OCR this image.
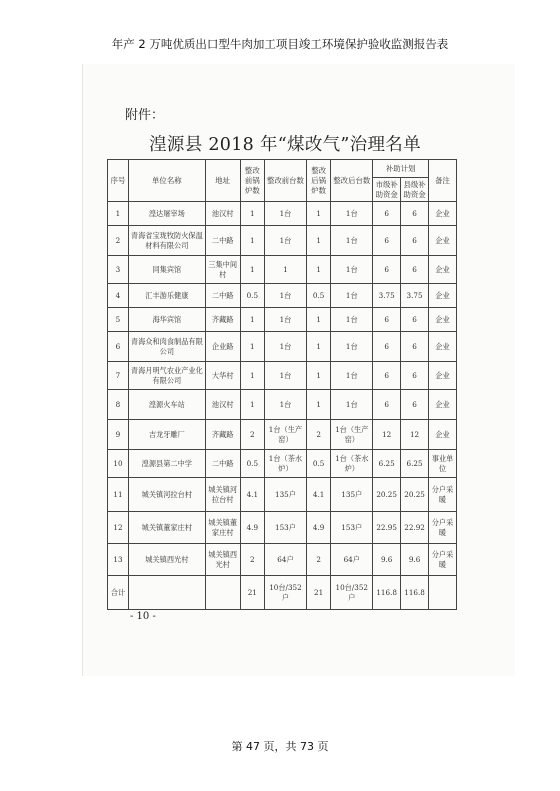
年产 2 万吨优质出口型牛肉加工项目竣工环境保护验收监测报告表
附件：
湟源县 2018 年“煤改气”治理名单
序号	单位名称	地址	整改前锅炉数	整改前台数	整改后锅炉数	整改后台数	补助计划		备注
							市级补助资金	县级补助资金	
1	湟达屠宰场	池汉村	1	1台	1	1台	6	6	企业
2	青海省宝珑牧防火保温材料有限公司	二中路	1	1台	1	1台	6	6	企业
3	同集宾馆	三集中间村	1	1	1	1台	6	6	企业
4	汇丰游乐健康	二中路	0.5	1台	0.5	1台	3.75	3.75	企业
5	海华宾馆	齐藏路	1	1台	1	1台	6	6	企业
6	青海众和肉食制品有限公司	企业路	1	1台	1	1台	6	6	企业
7	青海月明气农业产业化有限公司	大华村	1	1台	1	1台	6	6	企业
8	湟源火车站	池汉村	1	1台	1	1台	6	6	企业
9	吉龙牙雕厂	齐藏路	2	1台（生产窑）	2	1台（生产窑）	12	12	企业
10	湟源县第二中学	二中路	0.5	1台（茶水炉）	0.5	1台（茶水炉）	6.25	6.25	事业单位
11	城关镇河拉台村	城关镇河拉台村	4.1	135户	4.1	135户	20.25	20.25	分户采暖
12	城关镇董家庄村	城关镇董家庄村	4.9	153户	4.9	153户	22.95	22.92	分户采暖
13	城关镇西光村	城关镇西光村	2	64户	2	64户	9.6	9.6	分户采暖
合计			21	10台/352户	21	10台/352户	116.8	116.8	
- 10 -
第 47 页，共 73 页
